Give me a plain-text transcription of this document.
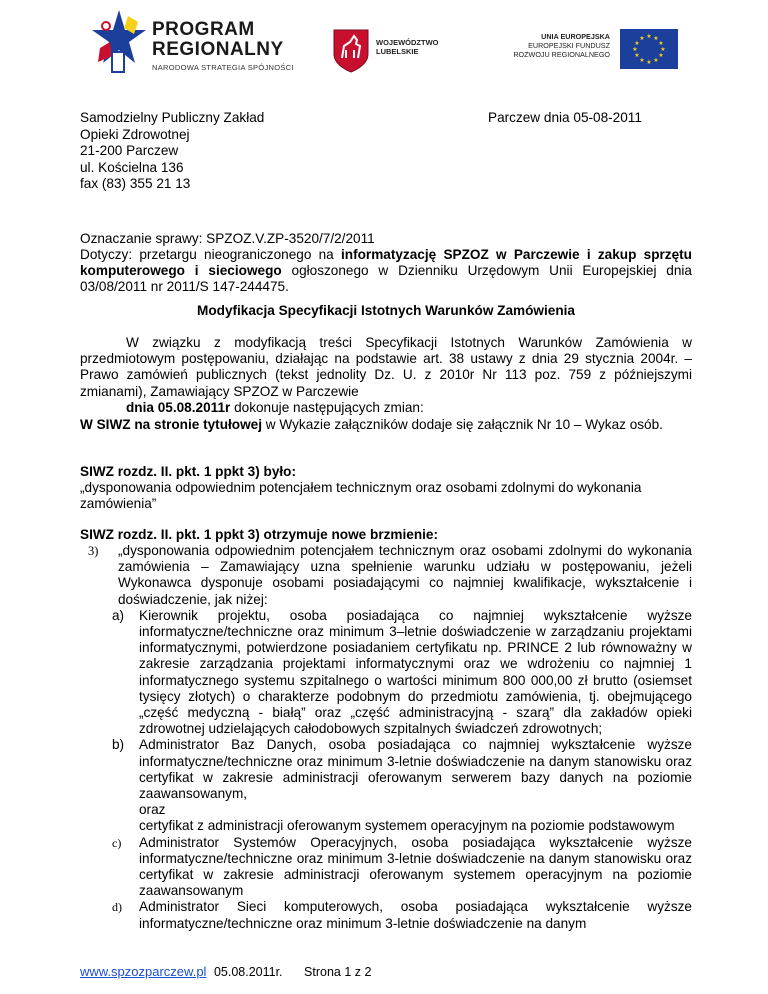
PROGRAM
REGIONALNY
NARODOWA STRATEGIA SPÓJNOŚCI
WOJEWÓDZTWO
LUBELSKIE
UNIA EUROPEJSKA
EUROPEJSKI FUNDUSZ
ROZWOJU REGIONALNEGO
★ ★
★
★
★
★
★
★
★
★
★
★
Samodzielny Publiczny Zakład
Opieki Zdrowotnej
21-200 Parczew
ul. Kościelna 136
fax (83) 355 21 13
Parczew dnia 05-08-2011
Oznaczanie sprawy: SPZOZ.V.ZP-3520/7/2/2011
Dotyczy: przetargu nieograniczonego na informatyzację SPZOZ w Parczewie i zakup sprzętu komputerowego i sieciowego ogłoszonego w Dzienniku Urzędowym Unii Europejskiej dnia 03/08/2011 nr 2011/S 147-244475.
Modyfikacja Specyfikacji Istotnych Warunków Zamówienia
W związku z modyfikacją treści Specyfikacji Istotnych Warunków Zamówienia w przedmiotowym postępowaniu, działając na podstawie art. 38 ustawy z dnia 29 stycznia 2004r. – Prawo zamówień publicznych (tekst jednolity Dz. U. z 2010r Nr 113 poz. 759 z późniejszymi zmianami), Zamawiający SPZOZ w Parczewie
dnia 05.08.2011r dokonuje następujących zmian:
W SIWZ na stronie tytułowej w Wykazie załączników dodaje się załącznik Nr 10 – Wykaz osób.
SIWZ rozdz. II. pkt. 1 ppkt 3) było:
„dysponowania odpowiednim potencjałem technicznym oraz osobami zdolnymi do wykonania zamówienia”
SIWZ rozdz. II. pkt. 1 ppkt 3) otrzymuje nowe brzmienie:
3) „dysponowania odpowiednim potencjałem technicznym oraz osobami zdolnymi do wykonania zamówienia – Zamawiający uzna spełnienie warunku udziału w postępowaniu, jeżeli Wykonawca dysponuje osobami posiadającymi co najmniej kwalifikacje, wykształcenie i doświadczenie, jak niżej:
a) Kierownik projektu, osoba posiadająca co najmniej wykształcenie wyższe informatyczne/techniczne oraz minimum 3–letnie doświadczenie w zarządzaniu projektami informatycznymi, potwierdzone posiadaniem certyfikatu np. PRINCE 2 lub równoważny w zakresie zarządzania projektami informatycznymi oraz we wdrożeniu co najmniej 1 informatycznego systemu szpitalnego o wartości minimum 800 000,00 zł brutto (osiemset tysięcy złotych) o charakterze podobnym do przedmiotu zamówienia, tj. obejmującego „część medyczną - białą” oraz „część administracyjną - szarą” dla zakładów opieki zdrowotnej udzielających całodobowych szpitalnych świadczeń zdrowotnych;
b) Administrator Baz Danych, osoba posiadająca co najmniej wykształcenie wyższe informatyczne/techniczne oraz minimum 3-letnie doświadczenie na danym stanowisku oraz certyfikat w zakresie administracji oferowanym serwerem bazy danych na poziomie zaawansowanym,
oraz
certyfikat z administracji oferowanym systemem operacyjnym na poziomie podstawowym
c) Administrator Systemów Operacyjnych, osoba posiadająca wykształcenie wyższe informatyczne/techniczne oraz minimum 3-letnie doświadczenie na danym stanowisku oraz certyfikat w zakresie administracji oferowanym systemem operacyjnym na poziomie zaawansowanym
d) Administrator Sieci komputerowych, osoba posiadająca wykształcenie wyższe informatyczne/techniczne oraz minimum 3-letnie doświadczenie na danym
www.spzozparczew.pl 05.08.2011r. Strona 1 z 2
